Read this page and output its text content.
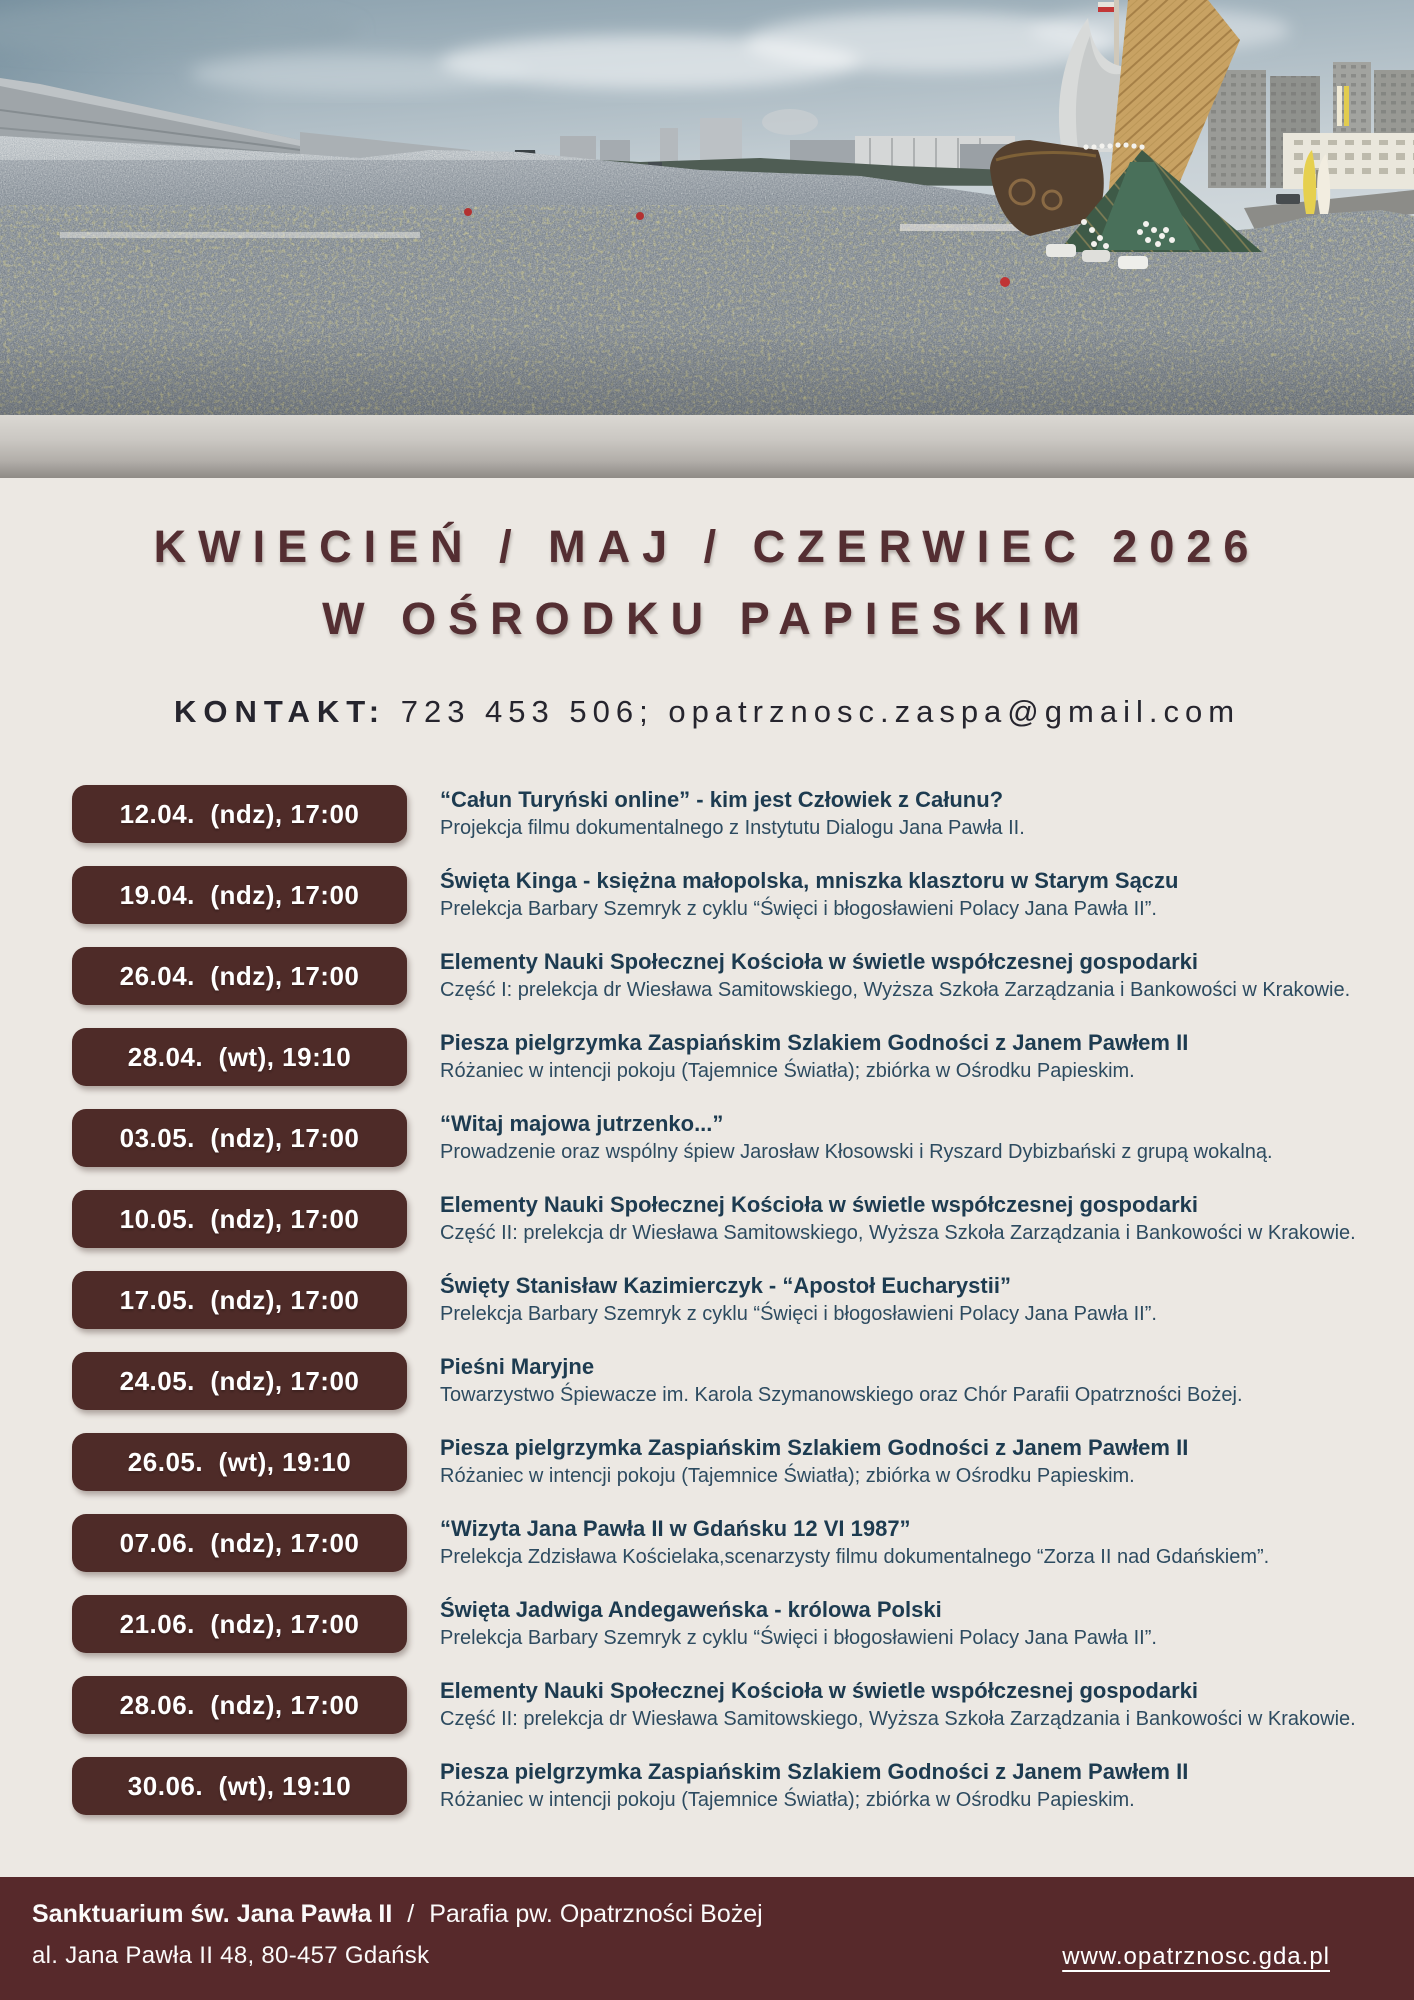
KWIECIEŃ / MAJ / CZERWIEC 2026
W OŚRODKU PAPIESKIM
KONTAKT: 723 453 506; opatrznosc.zaspa@gmail.com
12.04.  (ndz), 17:00	“Całun Turyński online” - kim jest Człowiek z Całunu?
Projekcja filmu dokumentalnego z Instytutu Dialogu Jana Pawła II.
19.04.  (ndz), 17:00	Święta Kinga - księżna małopolska, mniszka klasztoru w Starym Sączu
Prelekcja Barbary Szemryk z cyklu “Święci i błogosławieni Polacy Jana Pawła II”.
26.04.  (ndz), 17:00	Elementy Nauki Społecznej Kościoła w świetle współczesnej gospodarki
Część I: prelekcja dr Wiesława Samitowskiego, Wyższa Szkoła Zarządzania i Bankowości w Krakowie.
28.04.  (wt), 19:10	Piesza pielgrzymka Zaspiańskim Szlakiem Godności z Janem Pawłem II
Różaniec w intencji pokoju (Tajemnice Światła); zbiórka w Ośrodku Papieskim.
03.05.  (ndz), 17:00	“Witaj majowa jutrzenko...”
Prowadzenie oraz wspólny śpiew Jarosław Kłosowski i Ryszard Dybizbański z grupą wokalną.
10.05.  (ndz), 17:00	Elementy Nauki Społecznej Kościoła w świetle współczesnej gospodarki
Część II: prelekcja dr Wiesława Samitowskiego, Wyższa Szkoła Zarządzania i Bankowości w Krakowie.
17.05.  (ndz), 17:00	Święty Stanisław Kazimierczyk - “Apostoł Eucharystii”
Prelekcja Barbary Szemryk z cyklu “Święci i błogosławieni Polacy Jana Pawła II”.
24.05.  (ndz), 17:00	Pieśni Maryjne
Towarzystwo Śpiewacze im. Karola Szymanowskiego oraz Chór Parafii Opatrzności Bożej.
26.05.  (wt), 19:10	Piesza pielgrzymka Zaspiańskim Szlakiem Godności z Janem Pawłem II
Różaniec w intencji pokoju (Tajemnice Światła); zbiórka w Ośrodku Papieskim.
07.06.  (ndz), 17:00	“Wizyta Jana Pawła II w Gdańsku 12 VI 1987”
Prelekcja Zdzisława Kościelaka,scenarzysty filmu dokumentalnego “Zorza II nad Gdańskiem”.
21.06.  (ndz), 17:00	Święta Jadwiga Andegaweńska - królowa Polski
Prelekcja Barbary Szemryk z cyklu “Święci i błogosławieni Polacy Jana Pawła II”.
28.06.  (ndz), 17:00	Elementy Nauki Społecznej Kościoła w świetle współczesnej gospodarki
Część II: prelekcja dr Wiesława Samitowskiego, Wyższa Szkoła Zarządzania i Bankowości w Krakowie.
30.06.  (wt), 19:10	Piesza pielgrzymka Zaspiańskim Szlakiem Godności z Janem Pawłem II
Różaniec w intencji pokoju (Tajemnice Światła); zbiórka w Ośrodku Papieskim.
Sanktuarium św. Jana Pawła II / Parafia pw. Opatrzności Bożej
al. Jana Pawła II 48, 80-457 Gdańsk	www.opatrznosc.gda.pl
